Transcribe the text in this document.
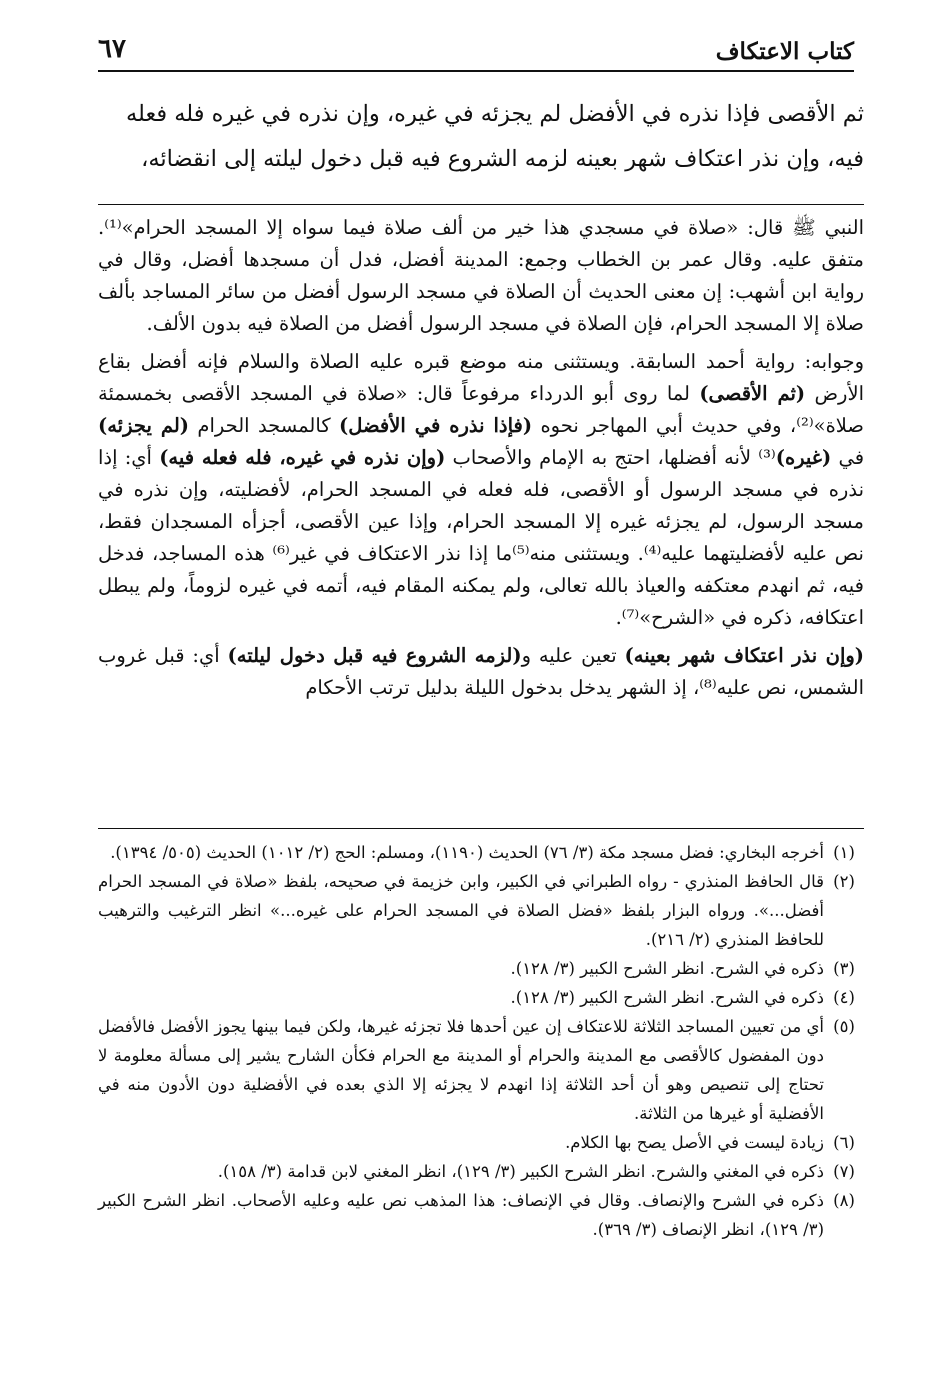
كتاب الاعتكاف
٦٧

ثم الأقصى فإذا نذره في الأفضل لم يجزئه في غيره، وإن نذره في غيره فله فعله

فيه، وإن نذر اعتكاف شهر بعينه لزمه الشروع فيه قبل دخول ليلته إلى انقضائه،

النبي ﷺ قال: «صلاة في مسجدي هذا خير من ألف صلاة فيما سواه إلا المسجد الحرام»⁽¹⁾. متفق عليه. وقال عمر بن الخطاب وجمع: المدينة أفضل، فدل أن مسجدها أفضل، وقال في رواية ابن أشهب: إن معنى الحديث أن الصلاة في مسجد الرسول أفضل من سائر المساجد بألف صلاة إلا المسجد الحرام، فإن الصلاة في مسجد الرسول أفضل من الصلاة فيه بدون الألف.

وجوابه: رواية أحمد السابقة. ويستثنى منه موضع قبره عليه الصلاة والسلام فإنه أفضل بقاع الأرض (ثم الأقصى) لما روى أبو الدرداء مرفوعاً قال: «صلاة في المسجد الأقصى بخمسمئة صلاة»⁽²⁾، وفي حديث أبي المهاجر نحوه (فإذا نذره في الأفضل) كالمسجد الحرام (لم يجزئه) في (غيره)⁽³⁾ لأنه أفضلها، احتج به الإمام والأصحاب (وإن نذره في غيره، فله فعله فيه) أي: إذا نذره في مسجد الرسول أو الأقصى، فله فعله في المسجد الحرام، لأفضليته، وإن نذره في مسجد الرسول، لم يجزئه غيره إلا المسجد الحرام، وإذا عين الأقصى، أجزأه المسجدان فقط، نص عليه لأفضليتهما عليه⁽⁴⁾. ويستثنى منه⁽⁵⁾ما إذا نذر الاعتكاف في غير⁽⁶⁾ هذه المساجد، فدخل فيه، ثم انهدم معتكفه والعياذ بالله تعالى، ولم يمكنه المقام فيه، أتمه في غيره لزوماً، ولم يبطل اعتكافه، ذكره في «الشرح»⁽⁷⁾.

(وإن نذر اعتكاف شهر بعينه) تعين عليه و(لزمه الشروع فيه قبل دخول ليلته) أي: قبل غروب الشمس، نص عليه⁽⁸⁾، إذ الشهر يدخل بدخول الليلة بدليل ترتب الأحكام

(١)
أخرجه البخاري: فضل مسجد مكة (٣/ ٧٦) الحديث (١١٩٠)، ومسلم: الحج (٢/ ١٠١٢) الحديث (٥٠٥/ ١٣٩٤).
(٢)
قال الحافظ المنذري - رواه الطبراني في الكبير، وابن خزيمة في صحيحه، بلفظ «صلاة في المسجد الحرام أفضل...». ورواه البزار بلفظ «فضل الصلاة في المسجد الحرام على غيره...» انظر الترغيب والترهيب للحافظ المنذري (٢/ ٢١٦).
(٣)
ذكره في الشرح. انظر الشرح الكبير (٣/ ١٢٨).
(٤)
ذكره في الشرح. انظر الشرح الكبير (٣/ ١٢٨).
(٥)
أي من تعيين المساجد الثلاثة للاعتكاف إن عين أحدها فلا تجزئه غيرها، ولكن فيما بينها يجوز الأفضل فالأفضل دون المفضول كالأقصى مع المدينة والحرام أو المدينة مع الحرام فكأن الشارح يشير إلى مسألة معلومة لا تحتاج إلى تنصيص وهو أن أحد الثلاثة إذا انهدم لا يجزئه إلا الذي بعده في الأفضلية دون الأدون منه في الأفضلية أو غيرها من الثلاثة.
(٦)
زيادة ليست في الأصل يصح بها الكلام.
(٧)
ذكره في المغني والشرح. انظر الشرح الكبير (٣/ ١٢٩)، انظر المغني لابن قدامة (٣/ ١٥٨).
(٨)
ذكره في الشرح والإنصاف. وقال في الإنصاف: هذا المذهب نص عليه وعليه الأصحاب. انظر الشرح الكبير (٣/ ١٢٩)، انظر الإنصاف (٣/ ٣٦٩).
